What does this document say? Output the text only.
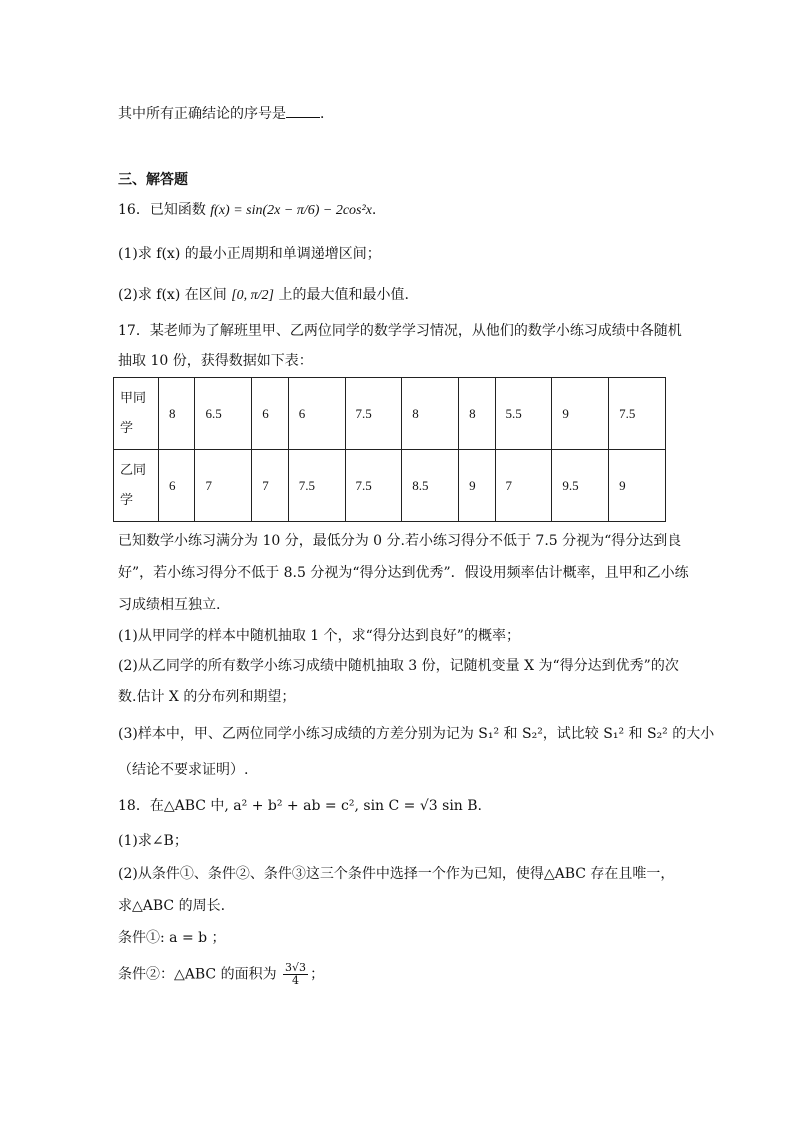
其中所有正确结论的序号是 ．
三、解答题
16．已知函数 f(x) = sin(2x − π/6) − 2cos²x.
(1)求 f(x) 的最小正周期和单调递增区间；
(2)求 f(x) 在区间 [0, π/2] 上的最大值和最小值.
17．某老师为了解班里甲、乙两位同学的数学学习情况，从他们的数学小练习成绩中各随机
抽取 10 份，获得数据如下表：
甲同学	8	6.5	6	6	7.5	8	8	5.5	9	7.5
乙同学	6	7	7	7.5	7.5	8.5	9	7	9.5	9
已知数学小练习满分为 10 分，最低分为 0 分.若小练习得分不低于 7.5 分视为“得分达到良
好”，若小练习得分不低于 8.5 分视为“得分达到优秀”．假设用频率估计概率，且甲和乙小练
习成绩相互独立.
(1)从甲同学的样本中随机抽取 1 个，求“得分达到良好”的概率；
(2)从乙同学的所有数学小练习成绩中随机抽取 3 份，记随机变量 X 为“得分达到优秀”的次
数.估计 X 的分布列和期望；
(3)样本中，甲、乙两位同学小练习成绩的方差分别为记为 S₁² 和 S₂²，试比较 S₁² 和 S₂² 的大小
（结论不要求证明）.
18．在△ABC 中, a² + b² + ab = c², sin C = √3 sin B.
(1)求∠B；
(2)从条件①、条件②、条件③这三个条件中选择一个作为已知，使得△ABC 存在且唯一，
求△ABC 的周长.
条件①: a = b ；
条件②：△ABC 的面积为 $\frac{3√3}{4}$ ；
